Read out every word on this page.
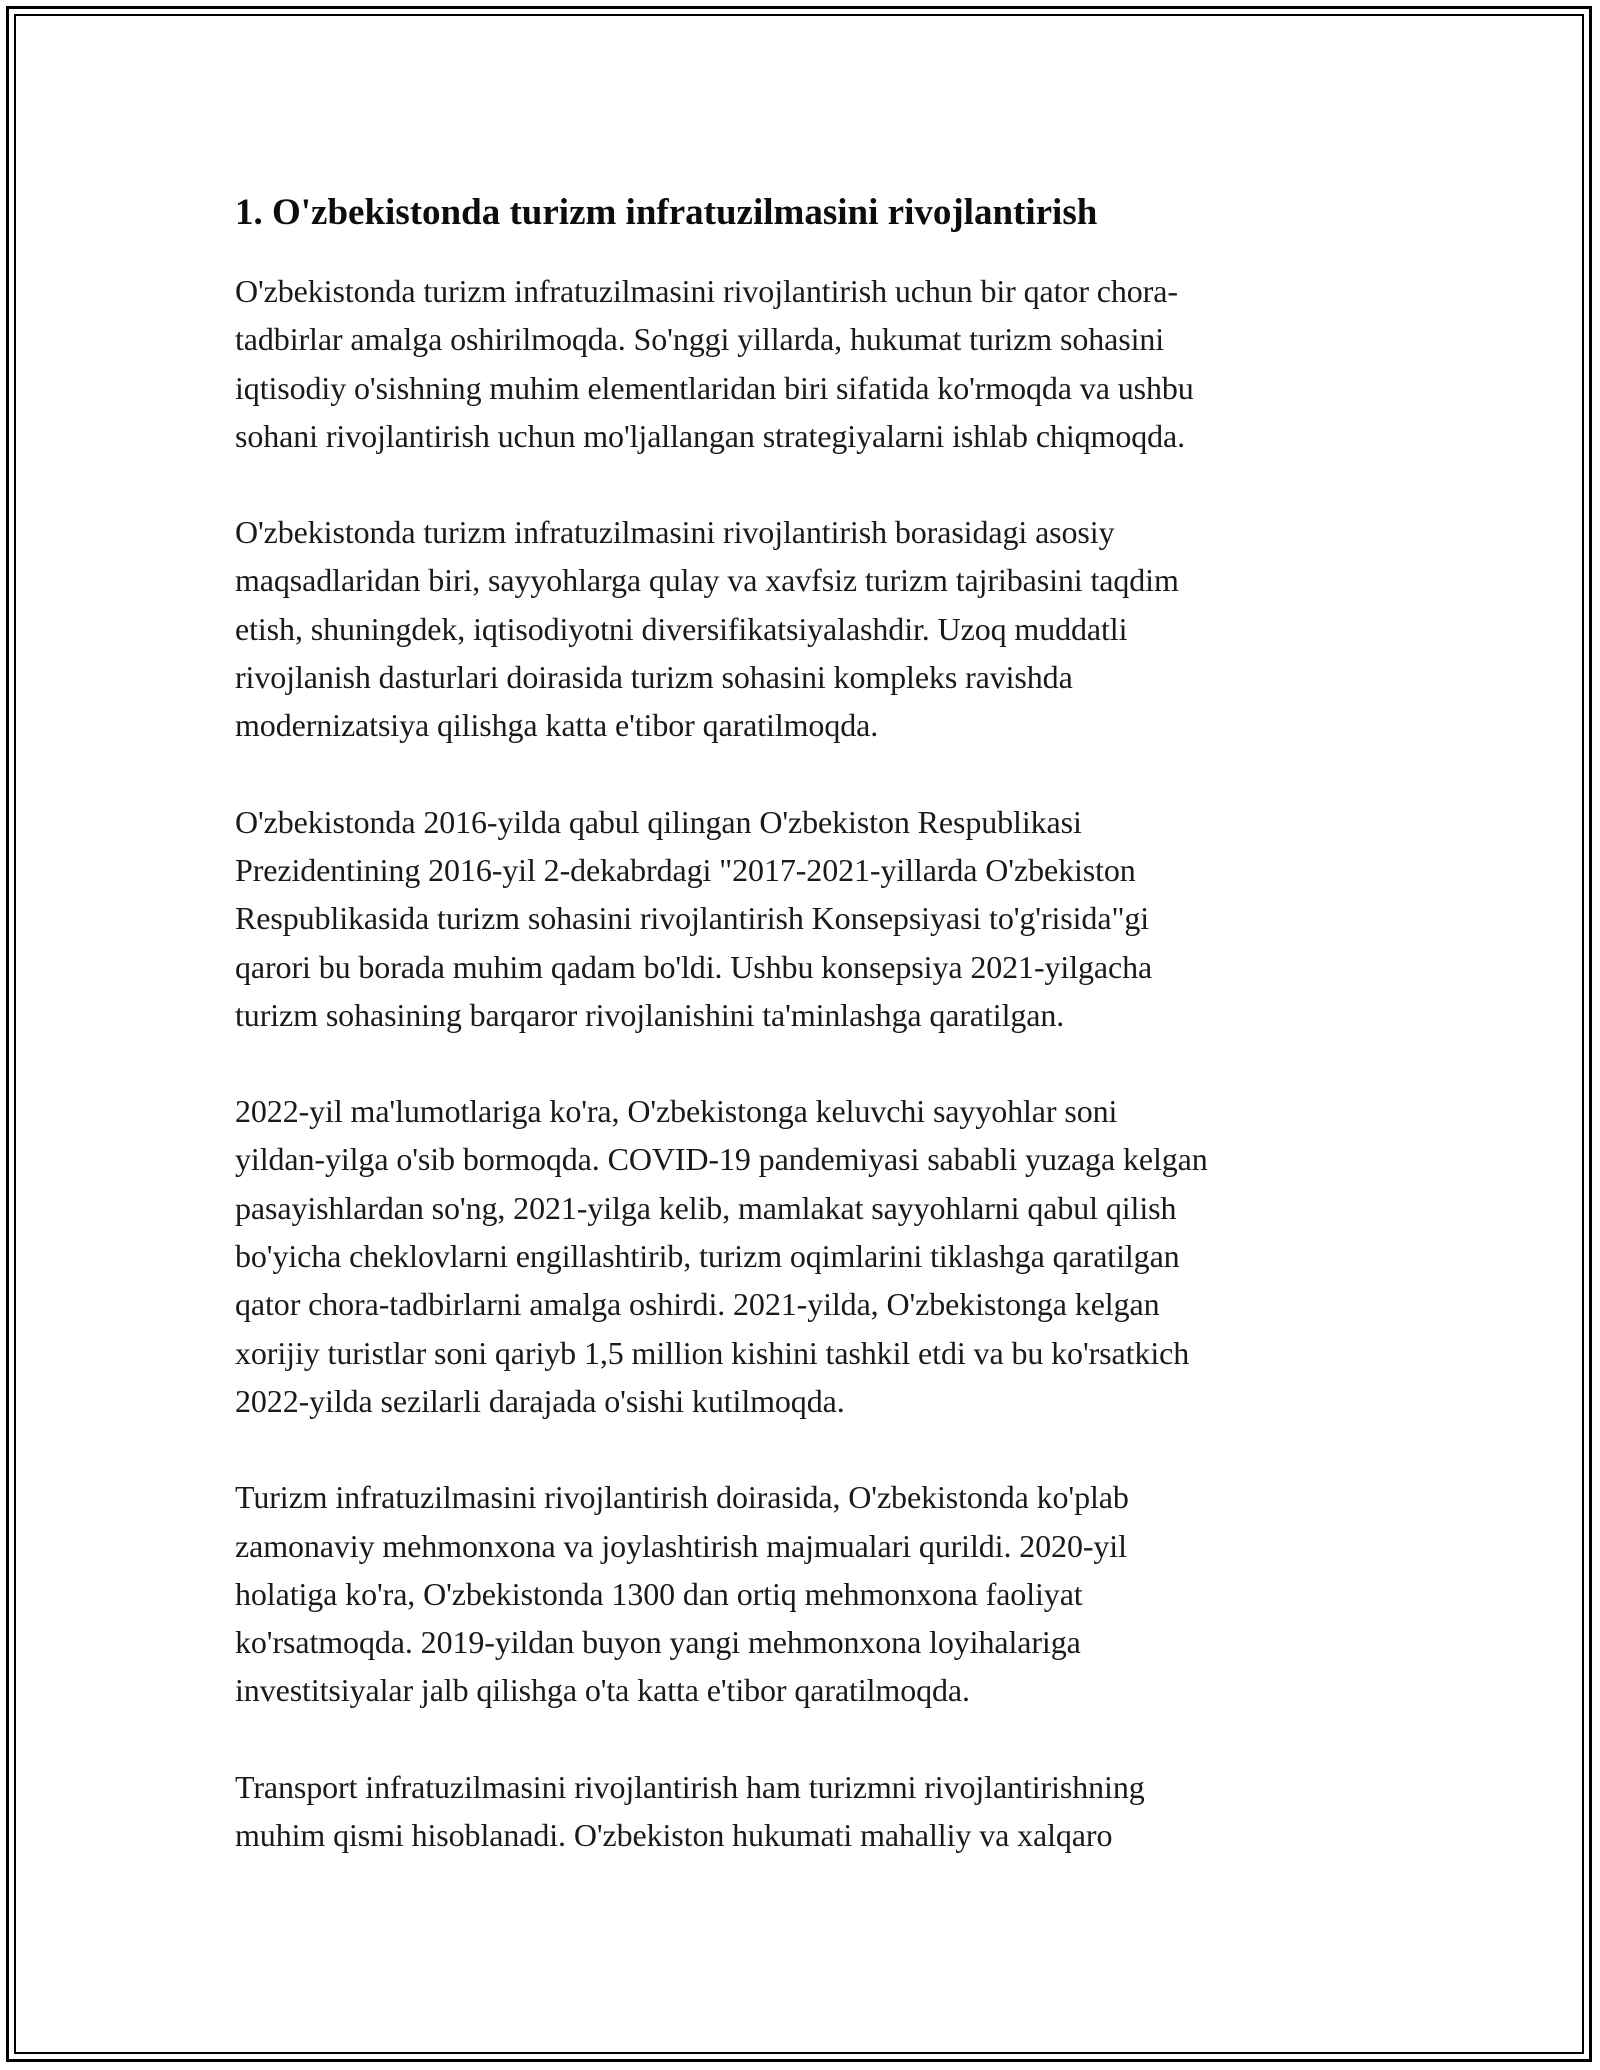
1. O'zbekistonda turizm infratuzilmasini rivojlantirish

O'zbekistonda turizm infratuzilmasini rivojlantirish uchun bir qator chora-
tadbirlar amalga oshirilmoqda. So'nggi yillarda, hukumat turizm sohasini
iqtisodiy o'sishning muhim elementlaridan biri sifatida ko'rmoqda va ushbu
sohani rivojlantirish uchun mo'ljallangan strategiyalarni ishlab chiqmoqda.

O'zbekistonda turizm infratuzilmasini rivojlantirish borasidagi asosiy
maqsadlaridan biri, sayyohlarga qulay va xavfsiz turizm tajribasini taqdim
etish, shuningdek, iqtisodiyotni diversifikatsiyalashdir. Uzoq muddatli
rivojlanish dasturlari doirasida turizm sohasini kompleks ravishda
modernizatsiya qilishga katta e'tibor qaratilmoqda.

O'zbekistonda 2016-yilda qabul qilingan O'zbekiston Respublikasi
Prezidentining 2016-yil 2-dekabrdagi "2017-2021-yillarda O'zbekiston
Respublikasida turizm sohasini rivojlantirish Konsepsiyasi to'g'risida"gi
qarori bu borada muhim qadam bo'ldi. Ushbu konsepsiya 2021-yilgacha
turizm sohasining barqaror rivojlanishini ta'minlashga qaratilgan.

2022-yil ma'lumotlariga ko'ra, O'zbekistonga keluvchi sayyohlar soni
yildan-yilga o'sib bormoqda. COVID-19 pandemiyasi sababli yuzaga kelgan
pasayishlardan so'ng, 2021-yilga kelib, mamlakat sayyohlarni qabul qilish
bo'yicha cheklovlarni engillashtirib, turizm oqimlarini tiklashga qaratilgan
qator chora-tadbirlarni amalga oshirdi. 2021-yilda, O'zbekistonga kelgan
xorijiy turistlar soni qariyb 1,5 million kishini tashkil etdi va bu ko'rsatkich
2022-yilda sezilarli darajada o'sishi kutilmoqda.

Turizm infratuzilmasini rivojlantirish doirasida, O'zbekistonda ko'plab
zamonaviy mehmonxona va joylashtirish majmualari qurildi. 2020-yil
holatiga ko'ra, O'zbekistonda 1300 dan ortiq mehmonxona faoliyat
ko'rsatmoqda. 2019-yildan buyon yangi mehmonxona loyihalariga
investitsiyalar jalb qilishga o'ta katta e'tibor qaratilmoqda.

Transport infratuzilmasini rivojlantirish ham turizmni rivojlantirishning
muhim qismi hisoblanadi. O'zbekiston hukumati mahalliy va xalqaro
